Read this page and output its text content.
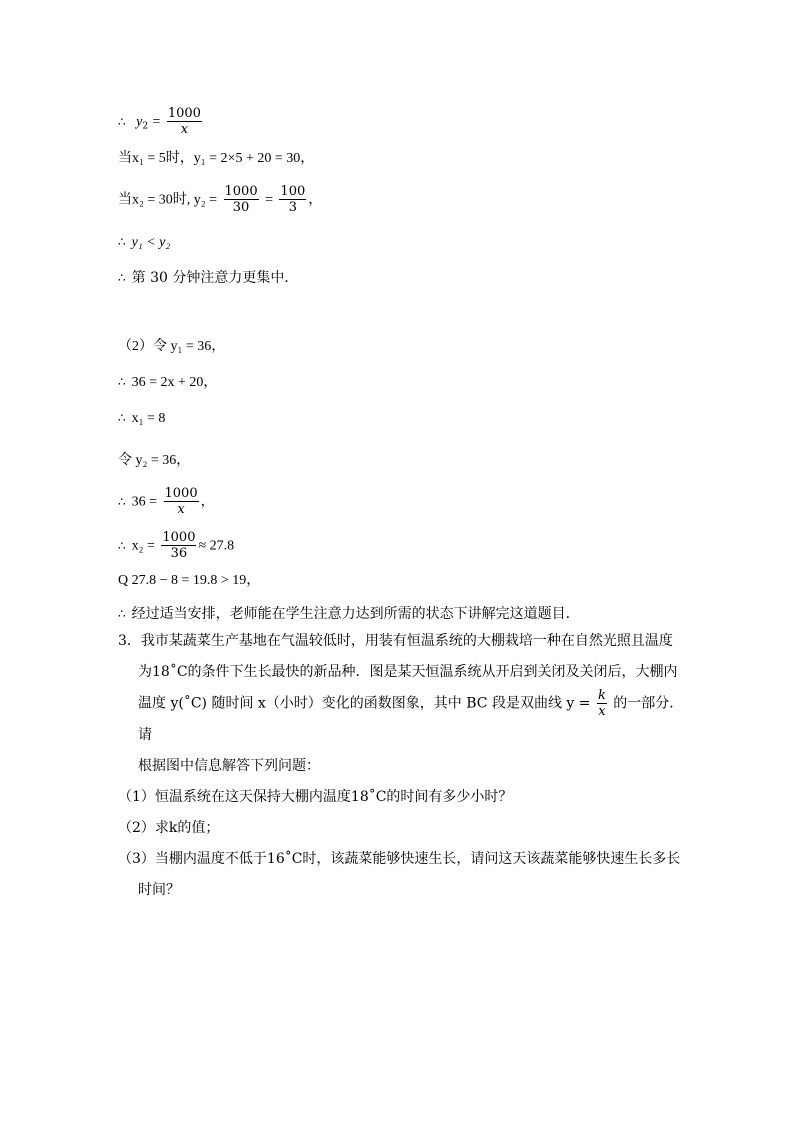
∴ $y_2 = \frac{1000}{x}$
当x₁ = 5时，y₁ = 2×5 + 20 = 30，
当x₂ = 30时, $y_2 = \frac{1000}{30} = \frac{100}{3}$ ，
∴ y₁ < y₂
∴ 第 30 分钟注意力更集中．
（2）令 y₁ = 36，
∴ 36 = 2x + 20，
∴ x₁ = 8
令 y₂ = 36，
∴ $36 = \frac{1000}{x}$ ，
∴ $x_2 = \frac{1000}{36} \approx 27.8$
Q 27.8 − 8 = 19.8 > 19，
∴ 经过适当安排，老师能在学生注意力达到所需的状态下讲解完这道题目．
3．我市某蔬菜生产基地在气温较低时，用装有恒温系统的大棚栽培一种在自然光照且温度
为18˚C的条件下生长最快的新品种．图是某天恒温系统从开启到关闭及关闭后，大棚内
温度 y(˚C) 随时间 x（小时）变化的函数图象，其中 BC 段是双曲线 $y = \frac{k}{x}$ 的一部分．请
根据图中信息解答下列问题：
（1）恒温系统在这天保持大棚内温度18˚C的时间有多少小时？
（2）求k的值；
（3）当棚内温度不低于16˚C时，该蔬菜能够快速生长，请问这天该蔬菜能够快速生长多长
时间？
